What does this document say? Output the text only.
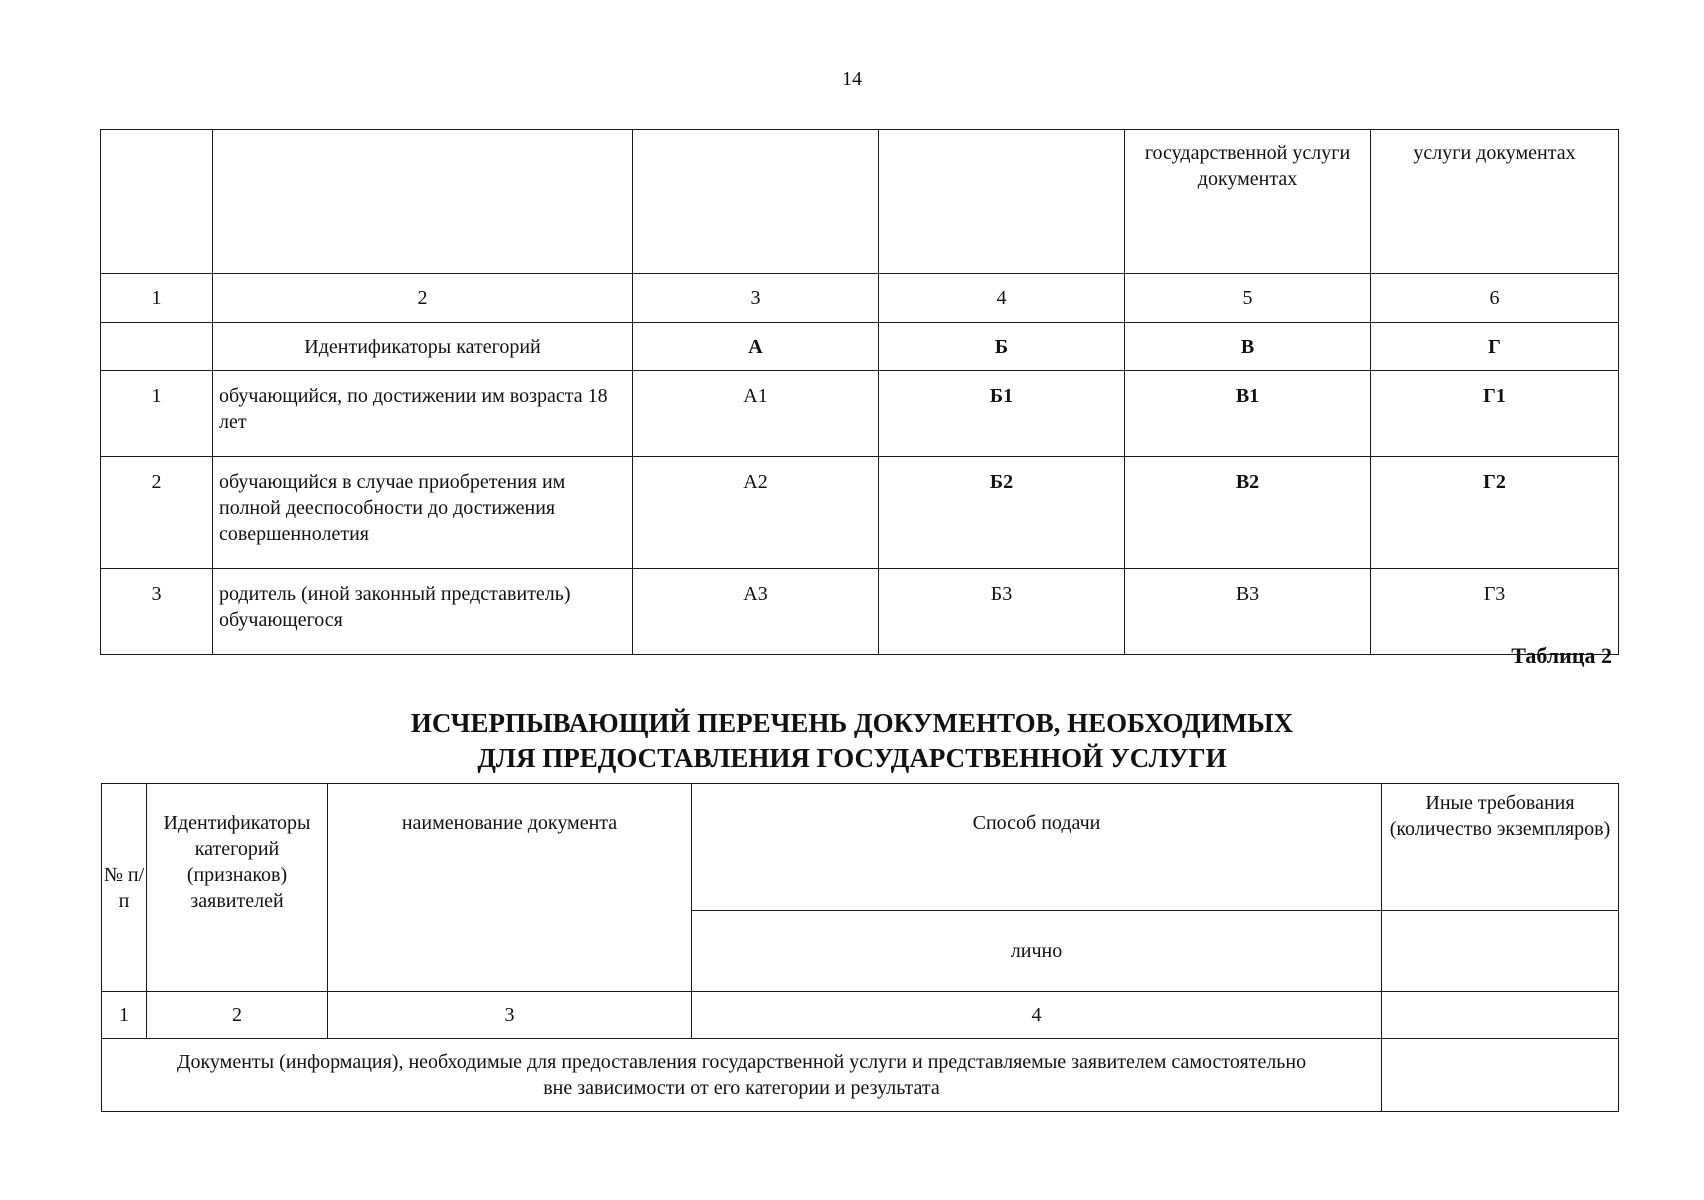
14
				государственной услуги документах	услуги документах
1	2	3	4	5	6
	Идентификаторы категорий	А	Б	В	Г
1	обучающийся, по достижении им возраста 18 лет	А1	Б1	В1	Г1
2	обучающийся в случае приобретения им полной дееспособности до достижения совершеннолетия	А2	Б2	В2	Г2
3	родитель (иной законный представитель) обучающегося	А3	Б3	В3	Г3
Таблица 2
ИСЧЕРПЫВАЮЩИЙ ПЕРЕЧЕНЬ ДОКУМЕНТОВ, НЕОБХОДИМЫХ
ДЛЯ ПРЕДОСТАВЛЕНИЯ ГОСУДАРСТВЕННОЙ УСЛУГИ
№ п/п	Идентификаторы категорий (признаков) заявителей	наименование документа	Способ подачи	Иные требования (количество экземпляров)
			лично	
1	2	3	4	
Документы (информация), необходимые для предоставления государственной услуги и представляемые заявителем самостоятельно вне зависимости от его категории и результата				
